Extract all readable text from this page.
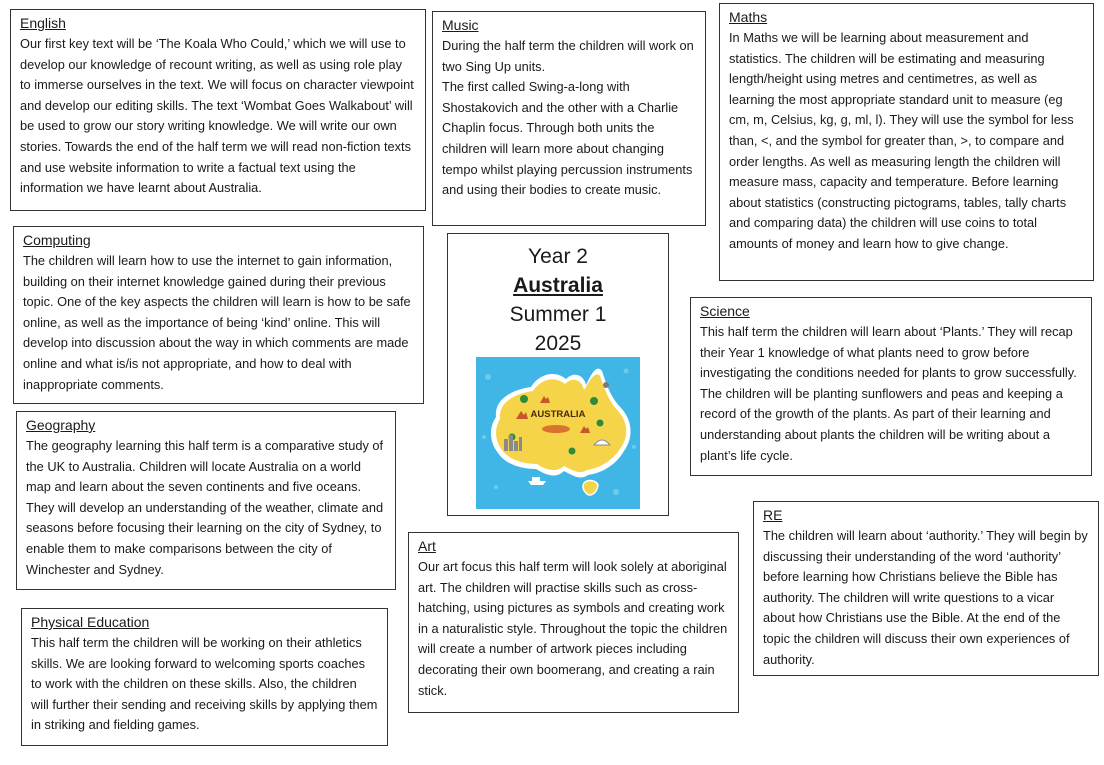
English

Our first key text will be ‘The Koala Who Could,’ which we will use to develop our knowledge of recount writing, as well as using role play to immerse ourselves in the text. We will focus on character viewpoint and develop our editing skills. The text ‘Wombat Goes Walkabout’ will be used to grow our story writing knowledge. We will write our own stories. Towards the end of the half term we will read non-fiction texts and use website information to write a factual text using the information we have learnt about Australia.

Music

During the half term the children will work on two Sing Up units.

The first called Swing-a-long with Shostakovich and the other with a Charlie Chaplin focus. Through both units the children will learn more about changing tempo whilst playing percussion instruments and using their bodies to create music.

Maths

In Maths we will be learning about measurement and statistics. The children will be estimating and measuring length/height using metres and centimetres, as well as learning the most appropriate standard unit to measure (eg cm, m, Celsius, kg, g, ml, l). They will use the symbol for less than, <, and the symbol for greater than, >, to compare and order lengths. As well as measuring length the children will measure mass, capacity and temperature. Before learning about statistics (constructing pictograms, tables, tally charts and comparing data) the children will use coins to total amounts of money and learn how to give change.

Computing

The children will learn how to use the internet to gain information, building on their internet knowledge gained during their previous topic. One of the key aspects the children will learn is how to be safe online, as well as the importance of being ‘kind’ online. This will develop into discussion about the way in which comments are made online and what is/is not appropriate, and how to deal with inappropriate comments.

Year 2
Australia
Summer 1
2025
AUSTRALIA
Science

This half term the children will learn about ‘Plants.’ They will recap their Year 1 knowledge of what plants need to grow before investigating the conditions needed for plants to grow successfully. The children will be planting sunflowers and peas and keeping a record of the growth of the plants. As part of their learning and understanding about plants the children will be writing about a plant’s life cycle.

Geography

The geography learning this half term is a comparative study of the UK to Australia. Children will locate Australia on a world map and learn about the seven continents and five oceans. They will develop an understanding of the weather, climate and seasons before focusing their learning on the city of Sydney, to enable them to make comparisons between the city of Winchester and Sydney.

RE

The children will learn about ‘authority.’ They will begin by discussing their understanding of the word ‘authority’ before learning how Christians believe the Bible has authority. The children will write questions to a vicar about how Christians use the Bible. At the end of the topic the children will discuss their own experiences of authority.

Art

Our art focus this half term will look solely at aboriginal art. The children will practise skills such as cross-hatching, using pictures as symbols and creating work in a naturalistic style. Throughout the topic the children will create a number of artwork pieces including decorating their own boomerang, and creating a rain stick.

Physical Education

This half term the children will be working on their athletics skills. We are looking forward to welcoming sports coaches to work with the children on these skills. Also, the children will further their sending and receiving skills by applying them in striking and fielding games.
